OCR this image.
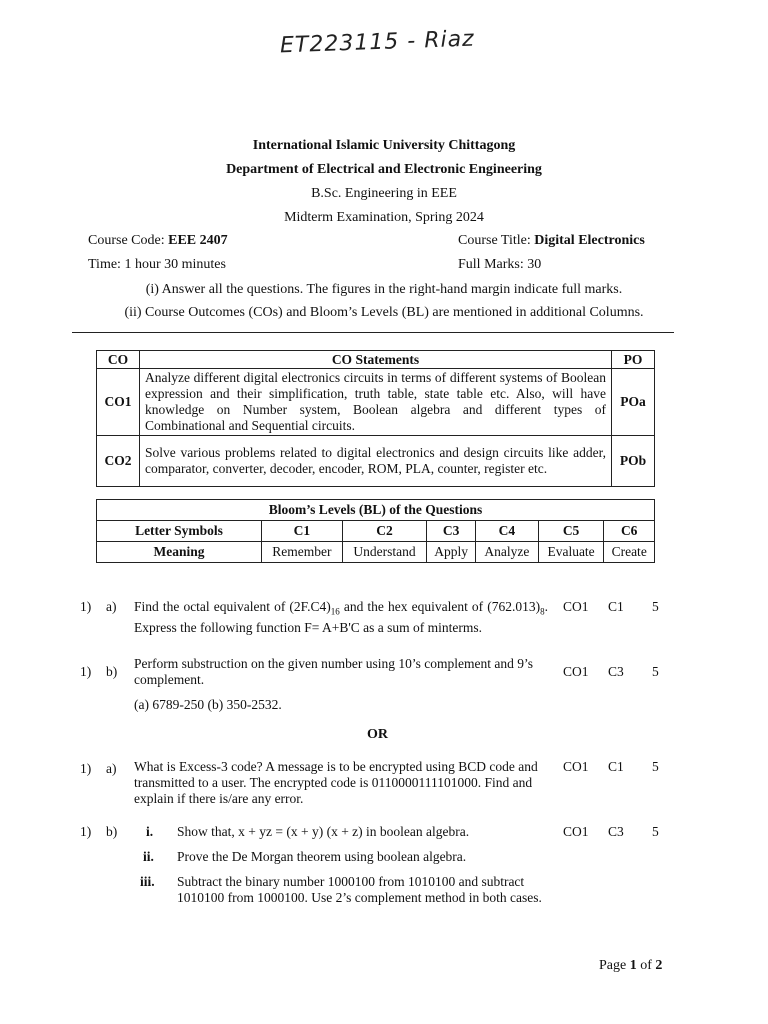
ET223115 - Riaz
International Islamic University Chittagong
Department of Electrical and Electronic Engineering
B.Sc. Engineering in EEE
Midterm Examination, Spring 2024
Course Code: EEE 2407	Course Title: Digital Electronics
Time: 1 hour 30 minutes	Full Marks: 30
(i) Answer all the questions. The figures in the right-hand margin indicate full marks.
(ii) Course Outcomes (COs) and Bloom’s Levels (BL) are mentioned in additional Columns.
CO	CO Statements	PO
CO1	Analyze different digital electronics circuits in terms of different systems of Boolean expression and their simplification, truth table, state table etc. Also, will have knowledge on Number system, Boolean algebra and different types of Combinational and Sequential circuits.	POa
CO2	Solve various problems related to digital electronics and design circuits like adder, comparator, converter, decoder, encoder, ROM, PLA, counter, register etc.	POb
Bloom’s Levels (BL) of the Questions						
Letter Symbols	C1	C2	C3	C4	C5	C6
Meaning	Remember	Understand	Apply	Analyze	Evaluate	Create
1) a) Find the octal equivalent of $(2F.C4)_{16}$ and the hex equivalent of $(762.013)_8$. Express the following function F= A+B'C as a sum of minterms.
CO1 C1 5
1) b)
Perform substruction on the given number using 10’s complement and 9’s complement.
(a) 6789-250 (b) 350-2532.
CO1 C3 5
OR
1) a) What is Excess-3 code? A message is to be encrypted using BCD code and transmitted to a user. The encrypted code is 0110000111101000. Find and explain if there is/are any error.
CO1 C1 5
1) b) i. Show that, x + yz = (x + y) (x + z) in boolean algebra.
ii. Prove the De Morgan theorem using boolean algebra.
iii. Subtract the binary number 1000100 from 1010100 and subtract 1010100 from 1000100. Use 2’s complement method in both cases.
CO1 C3 5
Page 1 of 2
